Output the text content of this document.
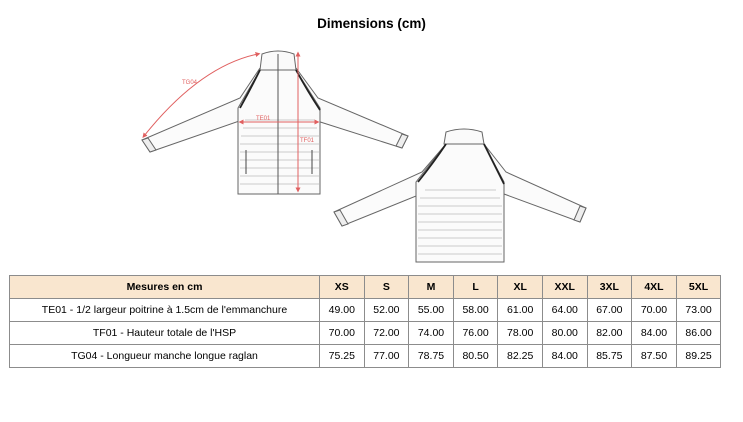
Dimensions (cm)
TG04
TE01
TF01
Mesures en cm	XS	S	M	L	XL	XXL	3XL	4XL	5XL
TE01 - 1/2 largeur poitrine à 1.5cm de l'emmanchure	49.00	52.00	55.00	58.00	61.00	64.00	67.00	70.00	73.00
TF01 - Hauteur totale de l'HSP	70.00	72.00	74.00	76.00	78.00	80.00	82.00	84.00	86.00
TG04 - Longueur manche longue raglan	75.25	77.00	78.75	80.50	82.25	84.00	85.75	87.50	89.25
